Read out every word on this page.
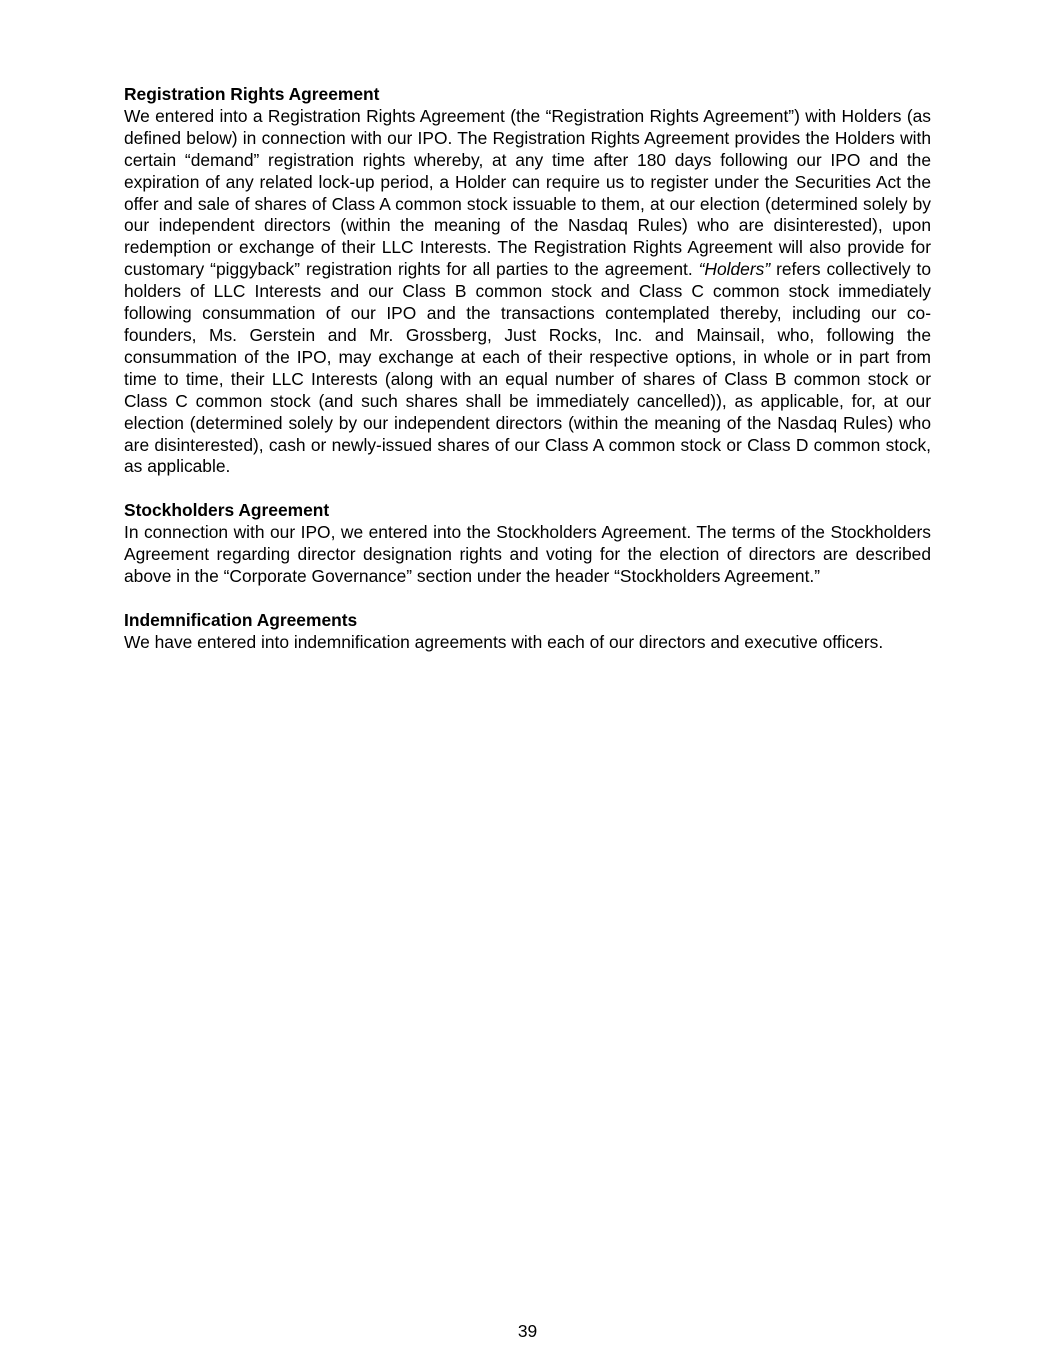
Registration Rights Agreement

We entered into a Registration Rights Agreement (the “Registration Rights Agreement”) with Holders (as defined below) in connection with our IPO. The Registration Rights Agreement provides the Holders with certain “demand” registration rights whereby, at any time after 180 days following our IPO and the expiration of any related lock-up period, a Holder can require us to register under the Securities Act the offer and sale of shares of Class A common stock issuable to them, at our election (determined solely by our independent directors (within the meaning of the Nasdaq Rules) who are disinterested), upon redemption or exchange of their LLC Interests. The Registration Rights Agreement will also provide for customary “piggyback” registration rights for all parties to the agreement. “Holders” refers collectively to holders of LLC Interests and our Class B common stock and Class C common stock immediately following consummation of our IPO and the transactions contemplated thereby, including our co-founders, Ms. Gerstein and Mr. Grossberg, Just Rocks, Inc. and Mainsail, who, following the consummation of the IPO, may exchange at each of their respective options, in whole or in part from time to time, their LLC Interests (along with an equal number of shares of Class B common stock or Class C common stock (and such shares shall be immediately cancelled)), as applicable, for, at our election (determined solely by our independent directors (within the meaning of the Nasdaq Rules) who are disinterested), cash or newly-issued shares of our Class A common stock or Class D common stock, as applicable.

Stockholders Agreement

In connection with our IPO, we entered into the Stockholders Agreement. The terms of the Stockholders Agreement regarding director designation rights and voting for the election of directors are described above in the “Corporate Governance” section under the header “Stockholders Agreement.”

Indemnification Agreements

We have entered into indemnification agreements with each of our directors and executive officers.

39
